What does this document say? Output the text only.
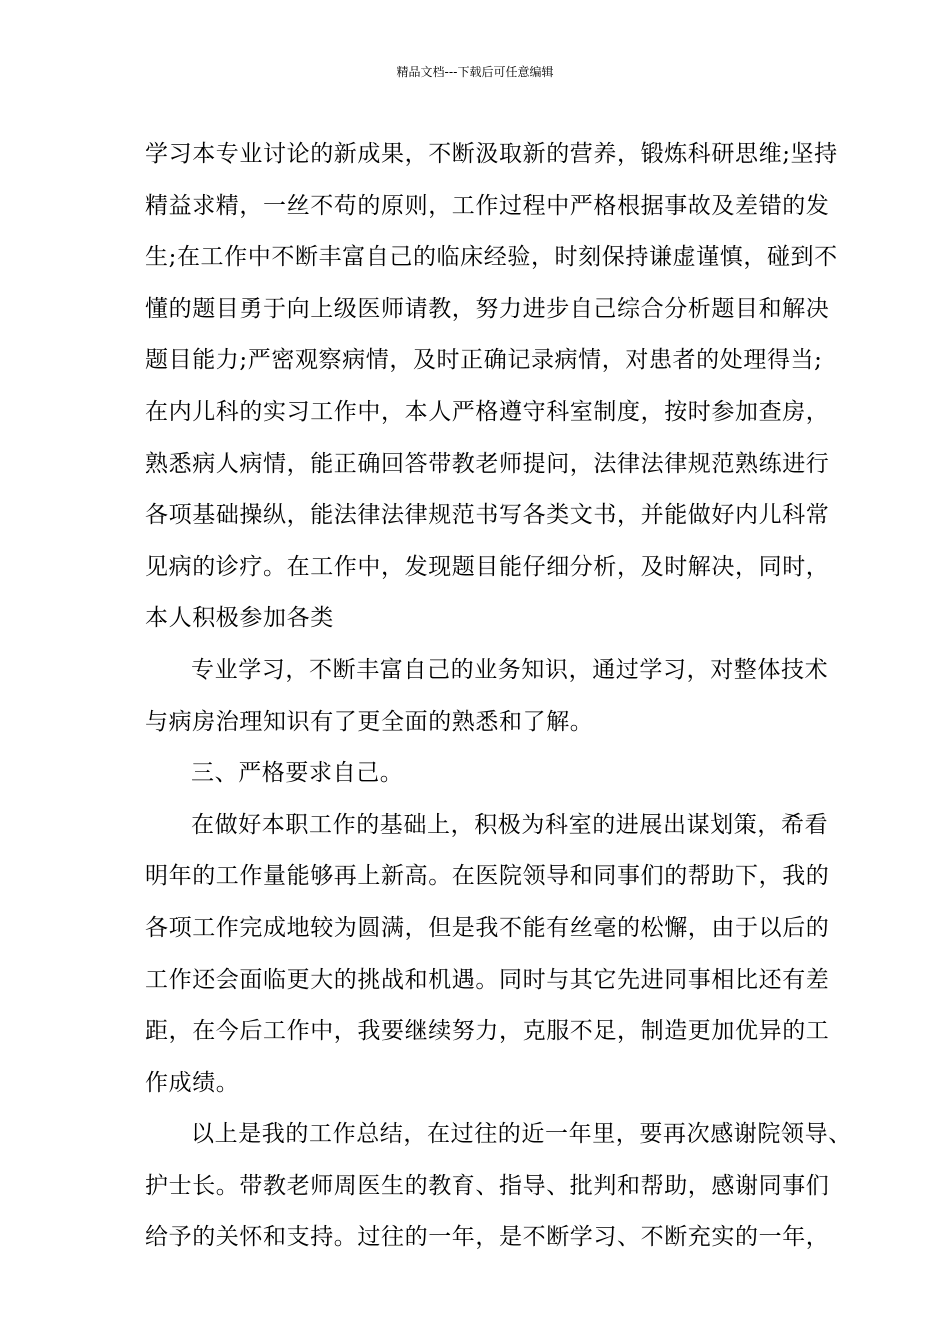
精品文档---下载后可任意编辑

学习本专业讨论的新成果，不断汲取新的营养，锻炼科研思维;坚持

精益求精，一丝不苟的原则，工作过程中严格根据事故及差错的发

生;在工作中不断丰富自己的临床经验，时刻保持谦虚谨慎，碰到不

懂的题目勇于向上级医师请教，努力进步自己综合分析题目和解决

题目能力;严密观察病情，及时正确记录病情，对患者的处理得当;

在内儿科的实习工作中，本人严格遵守科室制度，按时参加查房，

熟悉病人病情，能正确回答带教老师提问，法律法律规范熟练进行

各项基础操纵，能法律法律规范书写各类文书，并能做好内儿科常

见病的诊疗。在工作中，发现题目能仔细分析，及时解决，同时，

本人积极参加各类

专业学习，不断丰富自己的业务知识，通过学习，对整体技术

与病房治理知识有了更全面的熟悉和了解。

三、严格要求自己。

在做好本职工作的基础上，积极为科室的进展出谋划策，希看

明年的工作量能够再上新高。在医院领导和同事们的帮助下，我的

各项工作完成地较为圆满，但是我不能有丝毫的松懈，由于以后的

工作还会面临更大的挑战和机遇。同时与其它先进同事相比还有差

距，在今后工作中，我要继续努力，克服不足，制造更加优异的工

作成绩。

以上是我的工作总结，在过往的近一年里，要再次感谢院领导、

护士长。带教老师周医生的教育、指导、批判和帮助，感谢同事们

给予的关怀和支持。过往的一年，是不断学习、不断充实的一年，
